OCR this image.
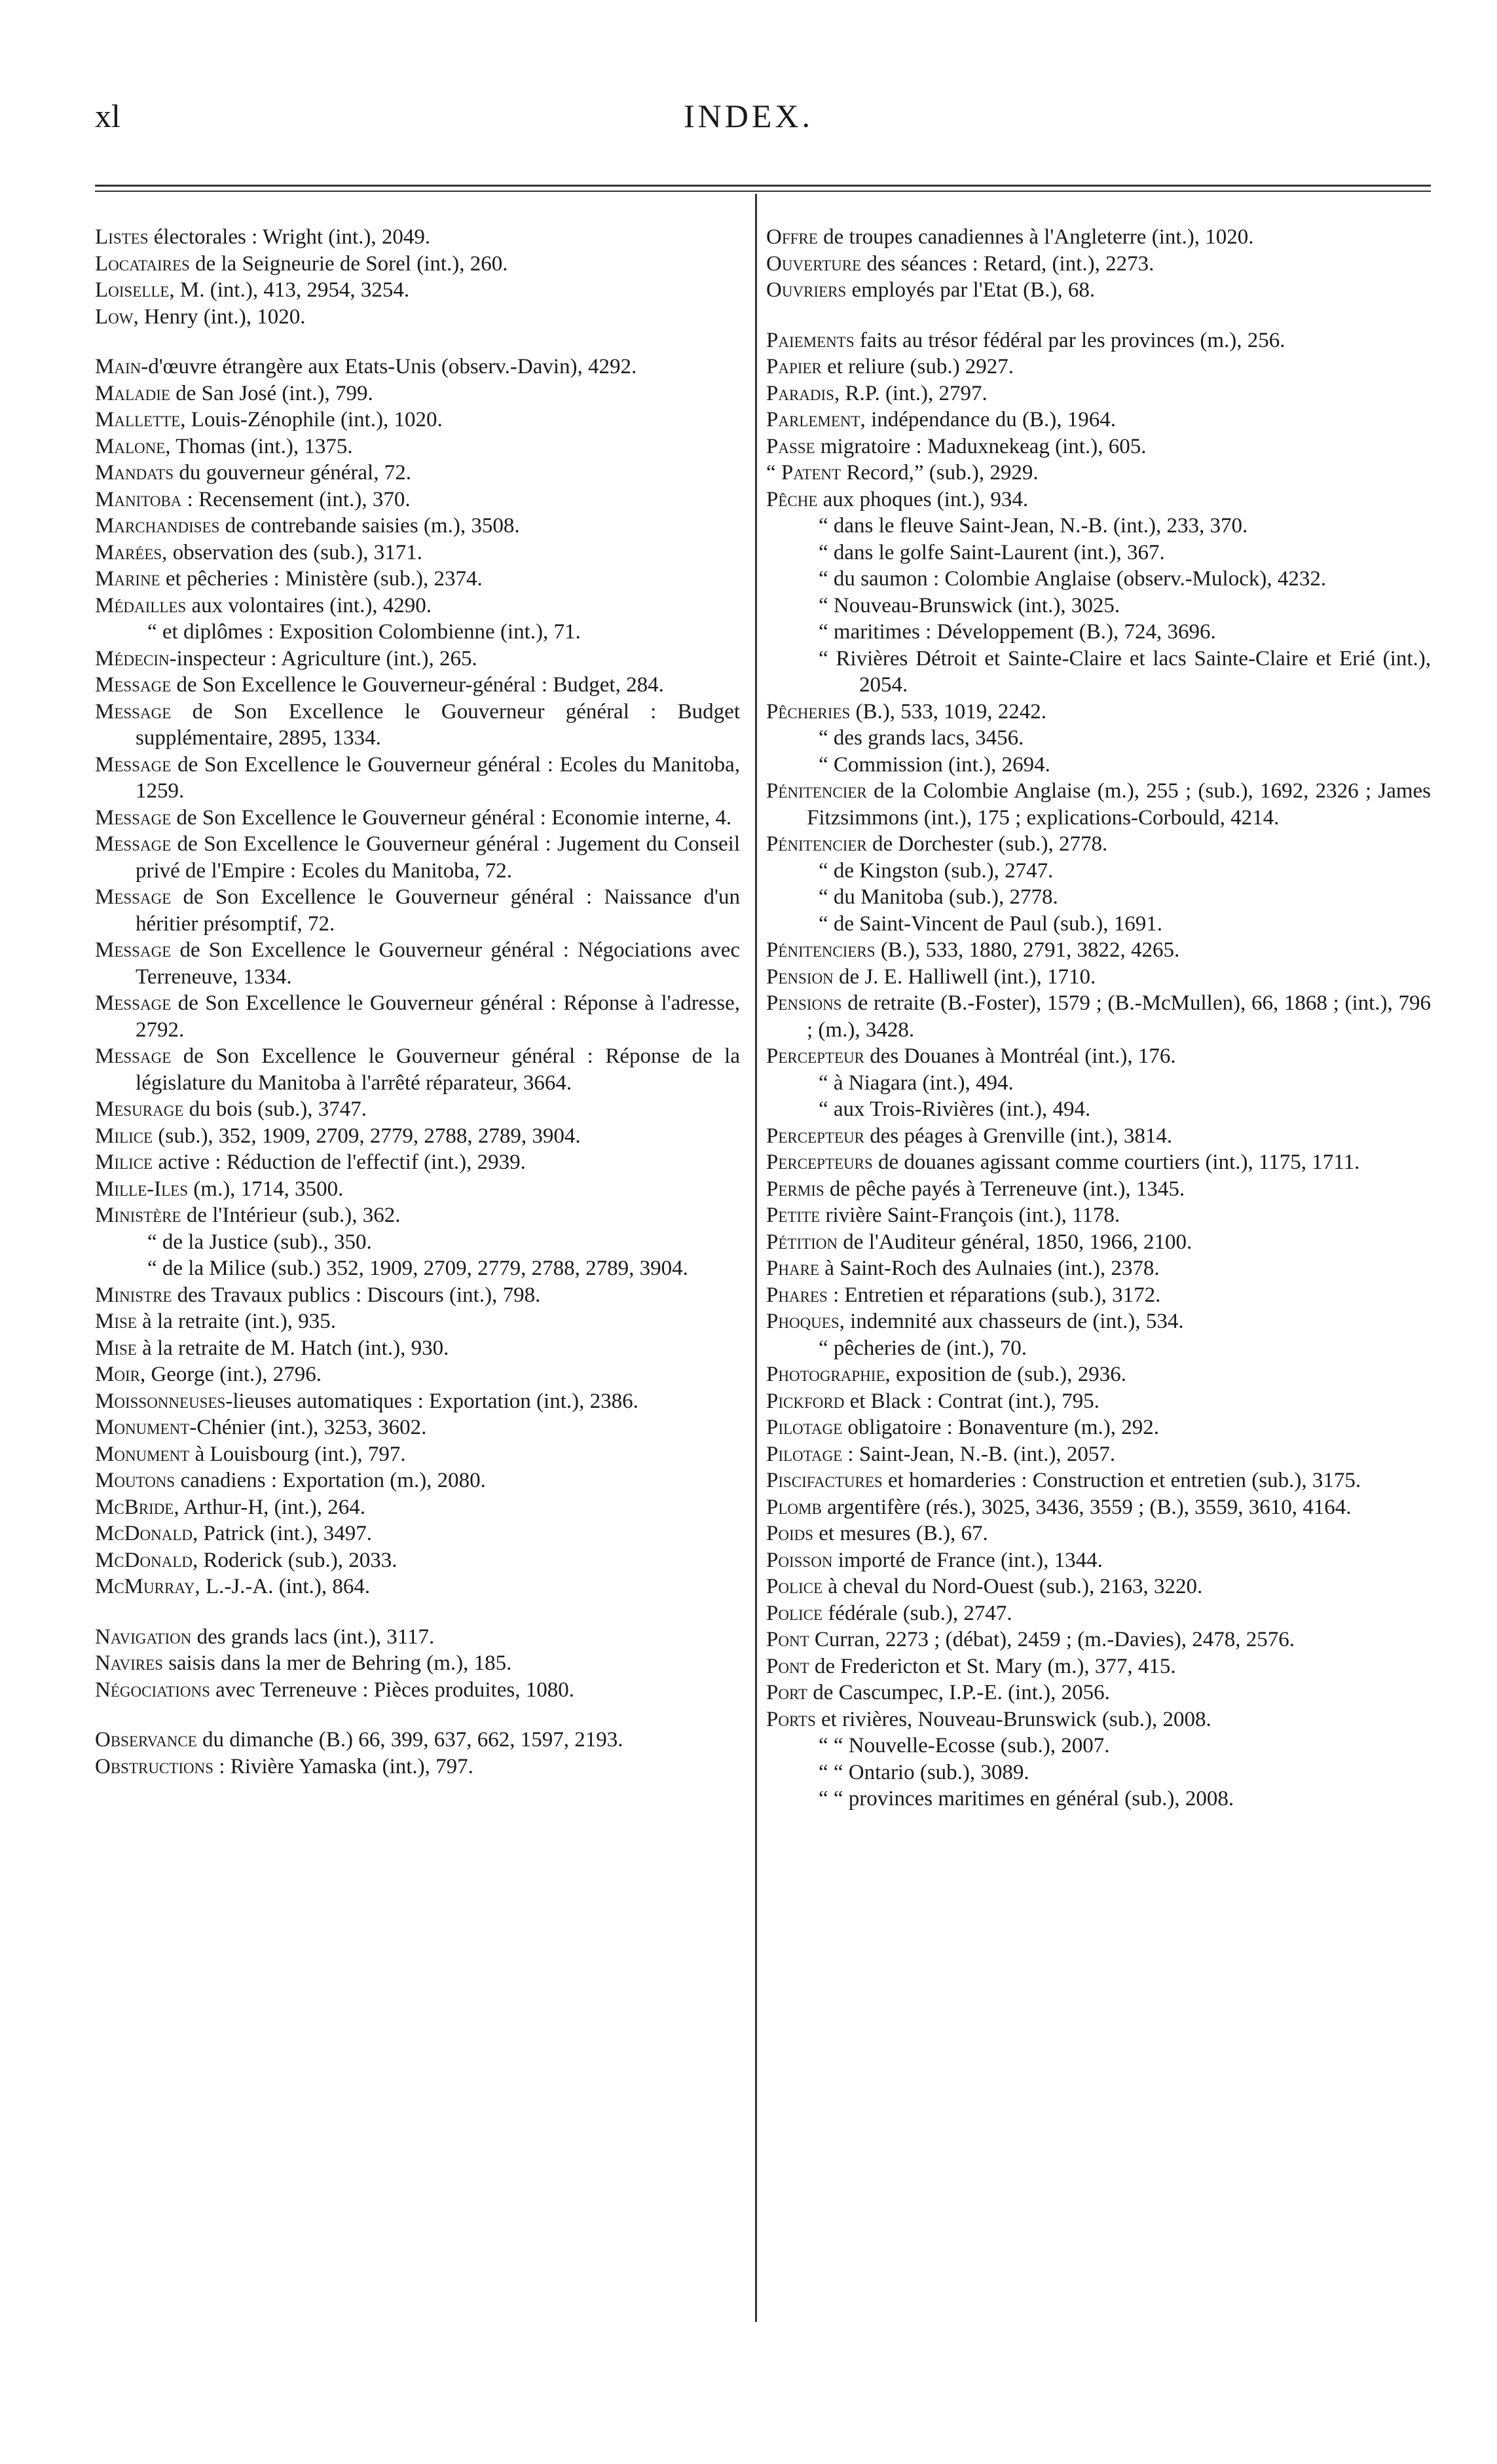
xl	INDEX.
Listes électorales : Wright (int.), 2049.
Locataires de la Seigneurie de Sorel (int.), 260.
Loiselle, M. (int.), 413, 2954, 3254.
Low, Henry (int.), 1020.
Main-d'œuvre étrangère aux Etats-Unis (observ.-Davin), 4292.
Maladie de San José (int.), 799.
Mallette, Louis-Zénophile (int.), 1020.
Malone, Thomas (int.), 1375.
Mandats du gouverneur général, 72.
Manitoba : Recensement (int.), 370.
Marchandises de contrebande saisies (m.), 3508.
Marées, observation des (sub.), 3171.
Marine et pêcheries : Ministère (sub.), 2374.
Médailles aux volontaires (int.), 4290.
“ et diplômes : Exposition Colombienne (int.), 71.
Médecin-inspecteur : Agriculture (int.), 265.
Message de Son Excellence le Gouverneur-général : Budget, 284.
Message de Son Excellence le Gouverneur général : Budget supplémentaire, 2895, 1334.
Message de Son Excellence le Gouverneur général : Ecoles du Manitoba, 1259.
Message de Son Excellence le Gouverneur général : Economie interne, 4.
Message de Son Excellence le Gouverneur général : Jugement du Conseil privé de l'Empire : Ecoles du Manitoba, 72.
Message de Son Excellence le Gouverneur général : Naissance d'un héritier présomptif, 72.
Message de Son Excellence le Gouverneur général : Négociations avec Terreneuve, 1334.
Message de Son Excellence le Gouverneur général : Réponse à l'adresse, 2792.
Message de Son Excellence le Gouverneur général : Réponse de la législature du Manitoba à l'arrêté réparateur, 3664.
Mesurage du bois (sub.), 3747.
Milice (sub.), 352, 1909, 2709, 2779, 2788, 2789, 3904.
Milice active : Réduction de l'effectif (int.), 2939.
Mille-Iles (m.), 1714, 3500.
Ministère de l'Intérieur (sub.), 362.
“ de la Justice (sub)., 350.
“ de la Milice (sub.) 352, 1909, 2709, 2779, 2788, 2789, 3904.
Ministre des Travaux publics : Discours (int.), 798.
Mise à la retraite (int.), 935.
Mise à la retraite de M. Hatch (int.), 930.
Moir, George (int.), 2796.
Moissonneuses-lieuses automatiques : Exportation (int.), 2386.
Monument-Chénier (int.), 3253, 3602.
Monument à Louisbourg (int.), 797.
Moutons canadiens : Exportation (m.), 2080.
McBride, Arthur-H, (int.), 264.
McDonald, Patrick (int.), 3497.
McDonald, Roderick (sub.), 2033.
McMurray, L.-J.-A. (int.), 864.
Navigation des grands lacs (int.), 3117.
Navires saisis dans la mer de Behring (m.), 185.
Négociations avec Terreneuve : Pièces produites, 1080.
Observance du dimanche (B.) 66, 399, 637, 662, 1597, 2193.
Obstructions : Rivière Yamaska (int.), 797.
Offre de troupes canadiennes à l'Angleterre (int.), 1020.
Ouverture des séances : Retard, (int.), 2273.
Ouvriers employés par l'Etat (B.), 68.
Paiements faits au trésor fédéral par les provinces (m.), 256.
Papier et reliure (sub.) 2927.
Paradis, R.P. (int.), 2797.
Parlement, indépendance du (B.), 1964.
Passe migratoire : Maduxnekeag (int.), 605.
“ Patent Record,” (sub.), 2929.
Pêche aux phoques (int.), 934.
“ dans le fleuve Saint-Jean, N.-B. (int.), 233, 370.
“ dans le golfe Saint-Laurent (int.), 367.
“ du saumon : Colombie Anglaise (observ.-Mulock), 4232.
“ Nouveau-Brunswick (int.), 3025.
“ maritimes : Développement (B.), 724, 3696.
“ Rivières Détroit et Sainte-Claire et lacs Sainte-Claire et Erié (int.), 2054.
Pêcheries (B.), 533, 1019, 2242.
“ des grands lacs, 3456.
“ Commission (int.), 2694.
Pénitencier de la Colombie Anglaise (m.), 255 ; (sub.), 1692, 2326 ; James Fitzsimmons (int.), 175 ; explications-Corbould, 4214.
Pénitencier de Dorchester (sub.), 2778.
“ de Kingston (sub.), 2747.
“ du Manitoba (sub.), 2778.
“ de Saint-Vincent de Paul (sub.), 1691.
Pénitenciers (B.), 533, 1880, 2791, 3822, 4265.
Pension de J. E. Halliwell (int.), 1710.
Pensions de retraite (B.-Foster), 1579 ; (B.-McMullen), 66, 1868 ; (int.), 796 ; (m.), 3428.
Percepteur des Douanes à Montréal (int.), 176.
“ à Niagara (int.), 494.
“ aux Trois-Rivières (int.), 494.
Percepteur des péages à Grenville (int.), 3814.
Percepteurs de douanes agissant comme courtiers (int.), 1175, 1711.
Permis de pêche payés à Terreneuve (int.), 1345.
Petite rivière Saint-François (int.), 1178.
Pétition de l'Auditeur général, 1850, 1966, 2100.
Phare à Saint-Roch des Aulnaies (int.), 2378.
Phares : Entretien et réparations (sub.), 3172.
Phoques, indemnité aux chasseurs de (int.), 534.
“ pêcheries de (int.), 70.
Photographie, exposition de (sub.), 2936.
Pickford et Black : Contrat (int.), 795.
Pilotage obligatoire : Bonaventure (m.), 292.
Pilotage : Saint-Jean, N.-B. (int.), 2057.
Piscifactures et homarderies : Construction et entretien (sub.), 3175.
Plomb argentifère (rés.), 3025, 3436, 3559 ; (B.), 3559, 3610, 4164.
Poids et mesures (B.), 67.
Poisson importé de France (int.), 1344.
Police à cheval du Nord-Ouest (sub.), 2163, 3220.
Police fédérale (sub.), 2747.
Pont Curran, 2273 ; (débat), 2459 ; (m.-Davies), 2478, 2576.
Pont de Fredericton et St. Mary (m.), 377, 415.
Port de Cascumpec, I.P.-E. (int.), 2056.
Ports et rivières, Nouveau-Brunswick (sub.), 2008.
“ “ Nouvelle-Ecosse (sub.), 2007.
“ “ Ontario (sub.), 3089.
“ “ provinces maritimes en général (sub.), 2008.
